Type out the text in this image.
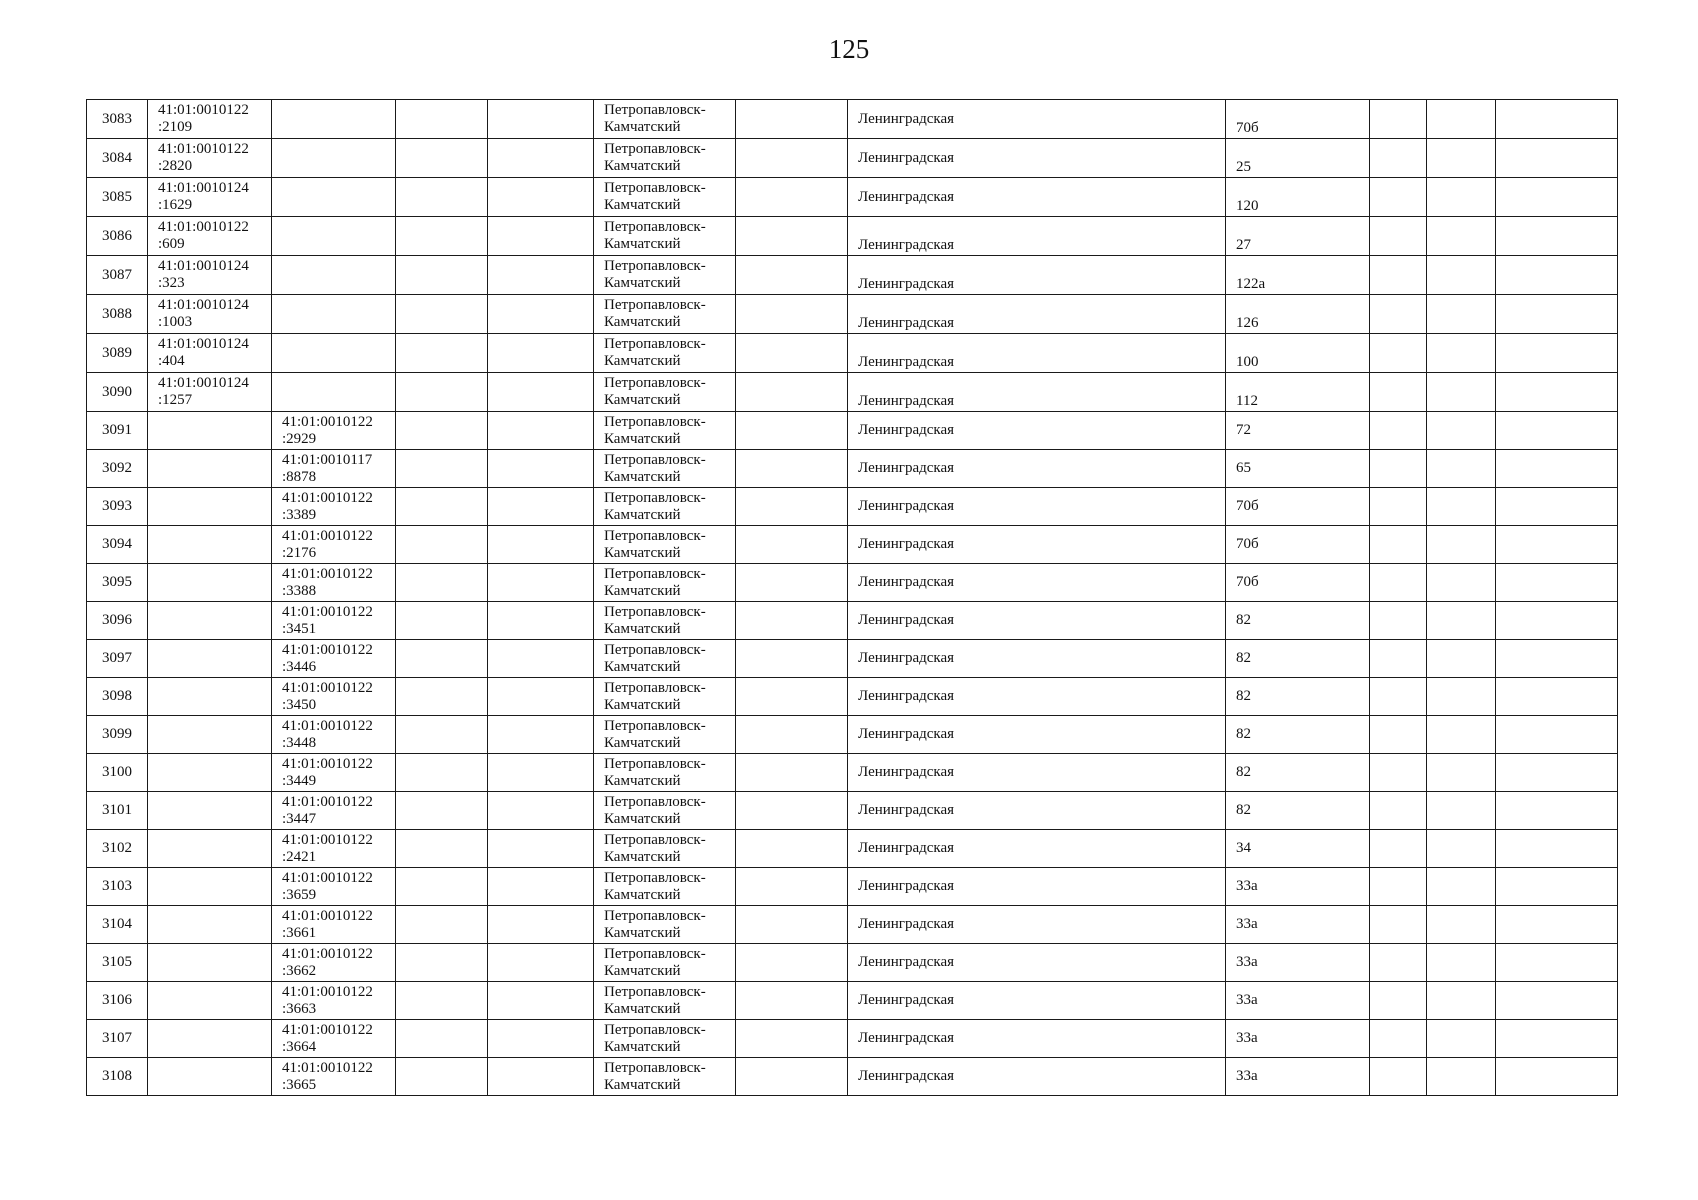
125
3083	41:01:0010122
:2109				Петропавловск-
Камчатский		Ленинградская	70б			
3084	41:01:0010122
:2820				Петропавловск-
Камчатский		Ленинградская	25			
3085	41:01:0010124
:1629				Петропавловск-
Камчатский		Ленинградская	120			
3086	41:01:0010122
:609				Петропавловск-
Камчатский		Ленинградская	27			
3087	41:01:0010124
:323				Петропавловск-
Камчатский		Ленинградская	122а			
3088	41:01:0010124
:1003				Петропавловск-
Камчатский		Ленинградская	126			
3089	41:01:0010124
:404				Петропавловск-
Камчатский		Ленинградская	100			
3090	41:01:0010124
:1257				Петропавловск-
Камчатский		Ленинградская	112			
3091		41:01:0010122
:2929			Петропавловск-
Камчатский		Ленинградская	72			
3092		41:01:0010117
:8878			Петропавловск-
Камчатский		Ленинградская	65			
3093		41:01:0010122
:3389			Петропавловск-
Камчатский		Ленинградская	70б			
3094		41:01:0010122
:2176			Петропавловск-
Камчатский		Ленинградская	70б			
3095		41:01:0010122
:3388			Петропавловск-
Камчатский		Ленинградская	70б			
3096		41:01:0010122
:3451			Петропавловск-
Камчатский		Ленинградская	82			
3097		41:01:0010122
:3446			Петропавловск-
Камчатский		Ленинградская	82			
3098		41:01:0010122
:3450			Петропавловск-
Камчатский		Ленинградская	82			
3099		41:01:0010122
:3448			Петропавловск-
Камчатский		Ленинградская	82			
3100		41:01:0010122
:3449			Петропавловск-
Камчатский		Ленинградская	82			
3101		41:01:0010122
:3447			Петропавловск-
Камчатский		Ленинградская	82			
3102		41:01:0010122
:2421			Петропавловск-
Камчатский		Ленинградская	34			
3103		41:01:0010122
:3659			Петропавловск-
Камчатский		Ленинградская	33а			
3104		41:01:0010122
:3661			Петропавловск-
Камчатский		Ленинградская	33а			
3105		41:01:0010122
:3662			Петропавловск-
Камчатский		Ленинградская	33а			
3106		41:01:0010122
:3663			Петропавловск-
Камчатский		Ленинградская	33а			
3107		41:01:0010122
:3664			Петропавловск-
Камчатский		Ленинградская	33а			
3108		41:01:0010122
:3665			Петропавловск-
Камчатский		Ленинградская	33а			
